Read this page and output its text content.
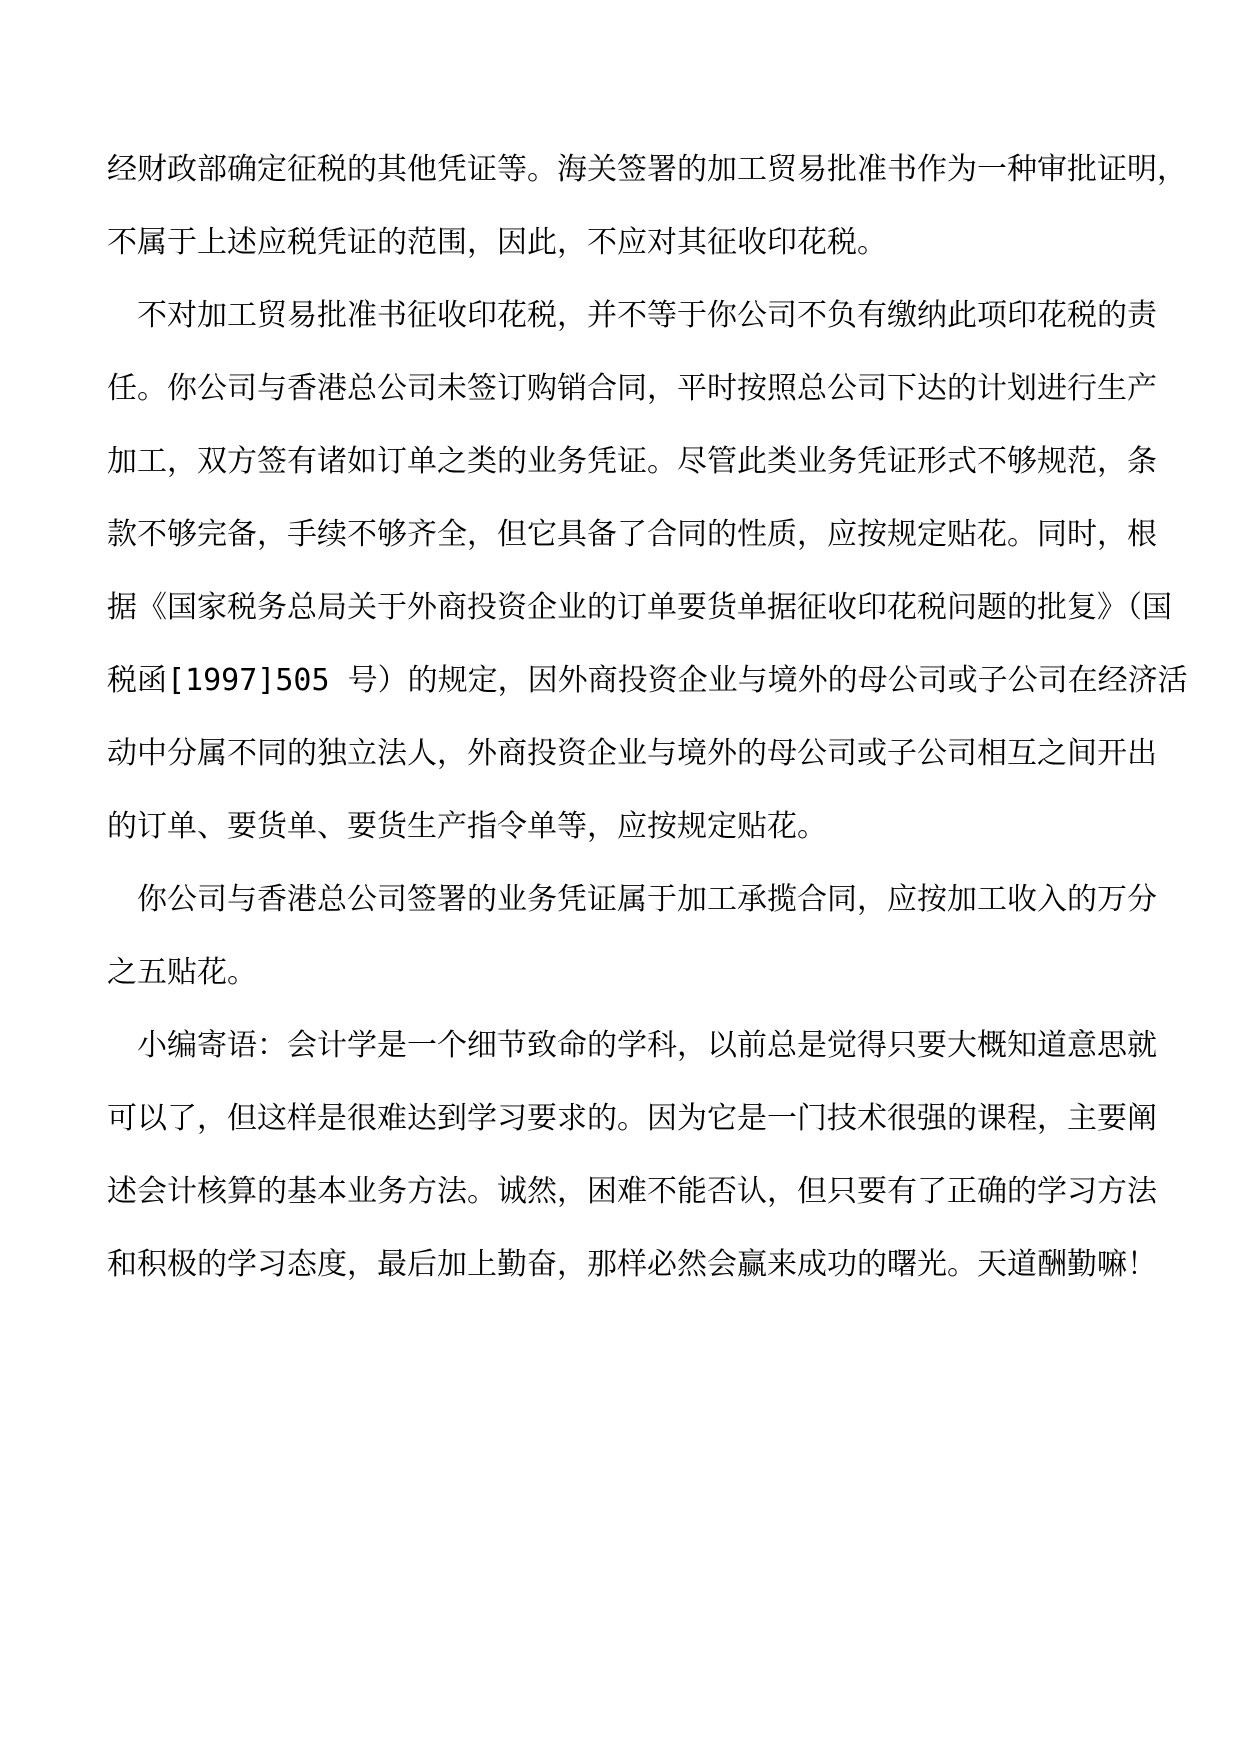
经财政部确定征税的其他凭证等。海关签署的加工贸易批准书作为一种审批证明，

不属于上述应税凭证的范围，因此，不应对其征收印花税。

不对加工贸易批准书征收印花税，并不等于你公司不负有缴纳此项印花税的责

任。你公司与香港总公司未签订购销合同，平时按照总公司下达的计划进行生产

加工，双方签有诸如订单之类的业务凭证。尽管此类业务凭证形式不够规范，条

款不够完备，手续不够齐全，但它具备了合同的性质，应按规定贴花。同时，根

据《国家税务总局关于外商投资企业的订单要货单据征收印花税问题的批复》（国

税函[1997]505 号）的规定，因外商投资企业与境外的母公司或子公司在经济活

动中分属不同的独立法人，外商投资企业与境外的母公司或子公司相互之间开出

的订单、要货单、要货生产指令单等，应按规定贴花。

你公司与香港总公司签署的业务凭证属于加工承揽合同，应按加工收入的万分

之五贴花。

小编寄语：会计学是一个细节致命的学科，以前总是觉得只要大概知道意思就

可以了，但这样是很难达到学习要求的。因为它是一门技术很强的课程，主要阐

述会计核算的基本业务方法。诚然，困难不能否认，但只要有了正确的学习方法

和积极的学习态度，最后加上勤奋，那样必然会赢来成功的曙光。天道酬勤嘛！
